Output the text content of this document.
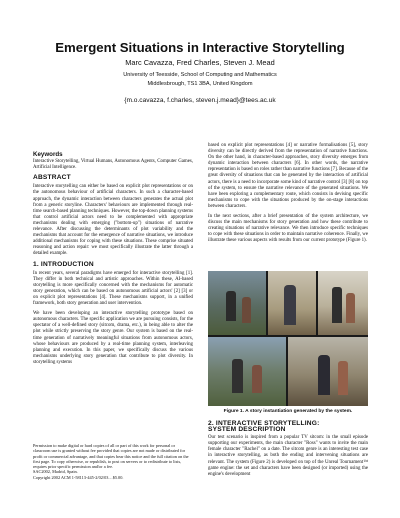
Emergent Situations in Interactive Storytelling
Marc Cavazza, Fred Charles, Steven J. Mead
University of Teesside, School of Computing and Mathematics
Middlesbrough, TS1 3BA, United Kingdom
{m.o.cavazza, f.charles, steven.j.mead}@tees.ac.uk
Keywords

Interactive Storytelling, Virtual Humans, Autonomous Agents, Computer Games, Artificial Intelligence.

ABSTRACT

Interactive storytelling can either be based on explicit plot representations or on the autonomous behaviour of artificial characters. In such a character-based approach, the dynamic interaction between characters generates the actual plot from a generic storyline. Characters' behaviours are implemented through real-time search-based planning techniques. However, the top-down planning systems that control artificial actors need to be complemented with appropriate mechanisms dealing with emerging ("bottom-up") situations of narrative relevance. After discussing the determinants of plot variability and the mechanisms that account for the emergence of narrative situations, we introduce additional mechanisms for coping with these situations. These comprise situated reasoning and action repair: we most specifically illustrate the latter through a detailed example.

1. INTRODUCTION

In recent years, several paradigms have emerged for interactive storytelling [1]. They differ in both technical and artistic approaches. Within these, AI-based storytelling is more specifically concerned with the mechanisms for automatic story generation, which can be based on autonomous artificial actors' [2] [3] or on explicit plot representations [4]. These mechanisms support, in a unified framework, both story generation and user intervention.

We have been developing an interactive storytelling prototype based on autonomous characters. The specific application we are pursuing consists, for the spectator of a well-defined story (sitcom, drama, etc.), in being able to alter the plot while strictly preserving the story genre. Our system is based on the real-time generation of narratively meaningful situations from autonomous actors, whose behaviours are produced by a real-time planning system, interleaving planning and execution. In this paper, we specifically discuss the various mechanisms underlying story generation that contribute to plot diversity. In storytelling systems

Permission to make digital or hard copies of all or part of this work for personal or classroom use is granted without fee provided that copies are not made or distributed for profit or commercial advantage, and that copies bear this notice and the full citation on the first page. To copy otherwise, or republish, to post on servers or to redistribute to lists, requires prior specific permission and/or a fee.
SAC2002, Madrid, Spain.
Copyright 2002 ACM 1-58113-445-2/02/03…$5.00.

based on explicit plot representations [4] or narrative formalisations [5], story diversity can be directly derived from the representation of narrative functions. On the other hand, in character-based approaches, story diversity emerges from dynamic interaction between characters [6]. In other words, the narrative representation is based on roles rather than narrative functions [7]. Because of the great diversity of situations that can be generated by the interaction of artificial actors, there is a need to incorporate some kind of narrative control [3] [8] on top of the system, to ensure the narrative relevance of the generated situations. We have been exploring a complementary route, which consists in devising specific mechanisms to cope with the situations produced by the on-stage interactions between characters.

In the next sections, after a brief presentation of the system architecture, we discuss the main mechanisms for story generation and how these contribute to creating situations of narrative relevance. We then introduce specific techniques to cope with these situations in order to maintain narrative coherence. Finally, we illustrate these various aspects with results from our current prototype (Figure 1).

Figure 1. A story instantiation generated by the system.
2. INTERACTIVE STORYTELLING:
SYSTEM DESCRIPTION

Our test scenario is inspired from a popular TV sitcom: in the small episode supporting our experiments, the main character "Ross" wants to invite the main female character "Rachel" on a date. The sitcom genre is an interesting test case in interactive storytelling, as both the ending and intervening situations are relevant. The system (Figure 2) is developed on top of the Unreal Tournament™ game engine: the set and characters have been designed (or imported) using the engine's development
